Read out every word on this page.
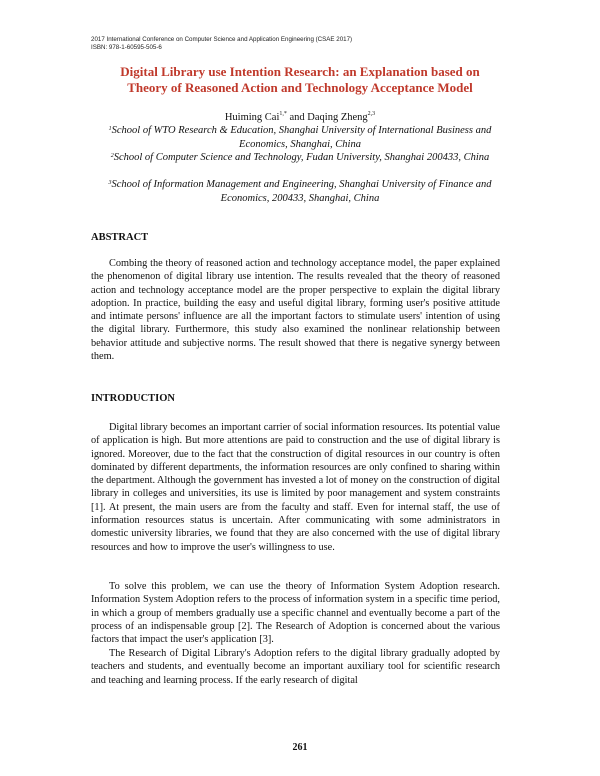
2017 International Conference on Computer Science and Application Engineering (CSAE 2017)
ISBN: 978-1-60595-505-6
Digital Library use Intention Research: an Explanation based on
Theory of Reasoned Action and Technology Acceptance Model
Huiming Cai$^{1,*}$ and Daqing Zheng$^{2,3}$
$^1$School of WTO Research & Education, Shanghai University of International Business and Economics, Shanghai, China
$^2$School of Computer Science and Technology, Fudan University, Shanghai 200433, China
$^3$School of Information Management and Engineering, Shanghai University of Finance and Economics, 200433, Shanghai, China
ABSTRACT

Combing the theory of reasoned action and technology acceptance model, the paper explained the phenomenon of digital library use intention. The results revealed that the theory of reasoned action and technology acceptance model are the proper perspective to explain the digital library adoption. In practice, building the easy and useful digital library, forming user's positive attitude and intimate persons' influence are all the important factors to stimulate users' intention of using the digital library. Furthermore, this study also examined the nonlinear relationship between behavior attitude and subjective norms. The result showed that there is negative synergy between them.

INTRODUCTION

Digital library becomes an important carrier of social information resources. Its potential value of application is high. But more attentions are paid to construction and the use of digital library is ignored. Moreover, due to the fact that the construction of digital resources in our country is often dominated by different departments, the information resources are only confined to sharing within the department. Although the government has invested a lot of money on the construction of digital library in colleges and universities, its use is limited by poor management and system constraints [1]. At present, the main users are from the faculty and staff. Even for internal staff, the use of information resources status is uncertain. After communicating with some administrators in domestic university libraries, we found that they are also concerned with the use of digital library resources and how to improve the user's willingness to use.

To solve this problem, we can use the theory of Information System Adoption research. Information System Adoption refers to the process of information system in a specific time period, in which a group of members gradually use a specific channel and eventually become a part of the process of an indispensable group [2]. The Research of Adoption is concerned about the various factors that impact the user's application [3].

The Research of Digital Library's Adoption refers to the digital library gradually adopted by teachers and students, and eventually become an important auxiliary tool for scientific research and teaching and learning process. If the early research of digital

261
